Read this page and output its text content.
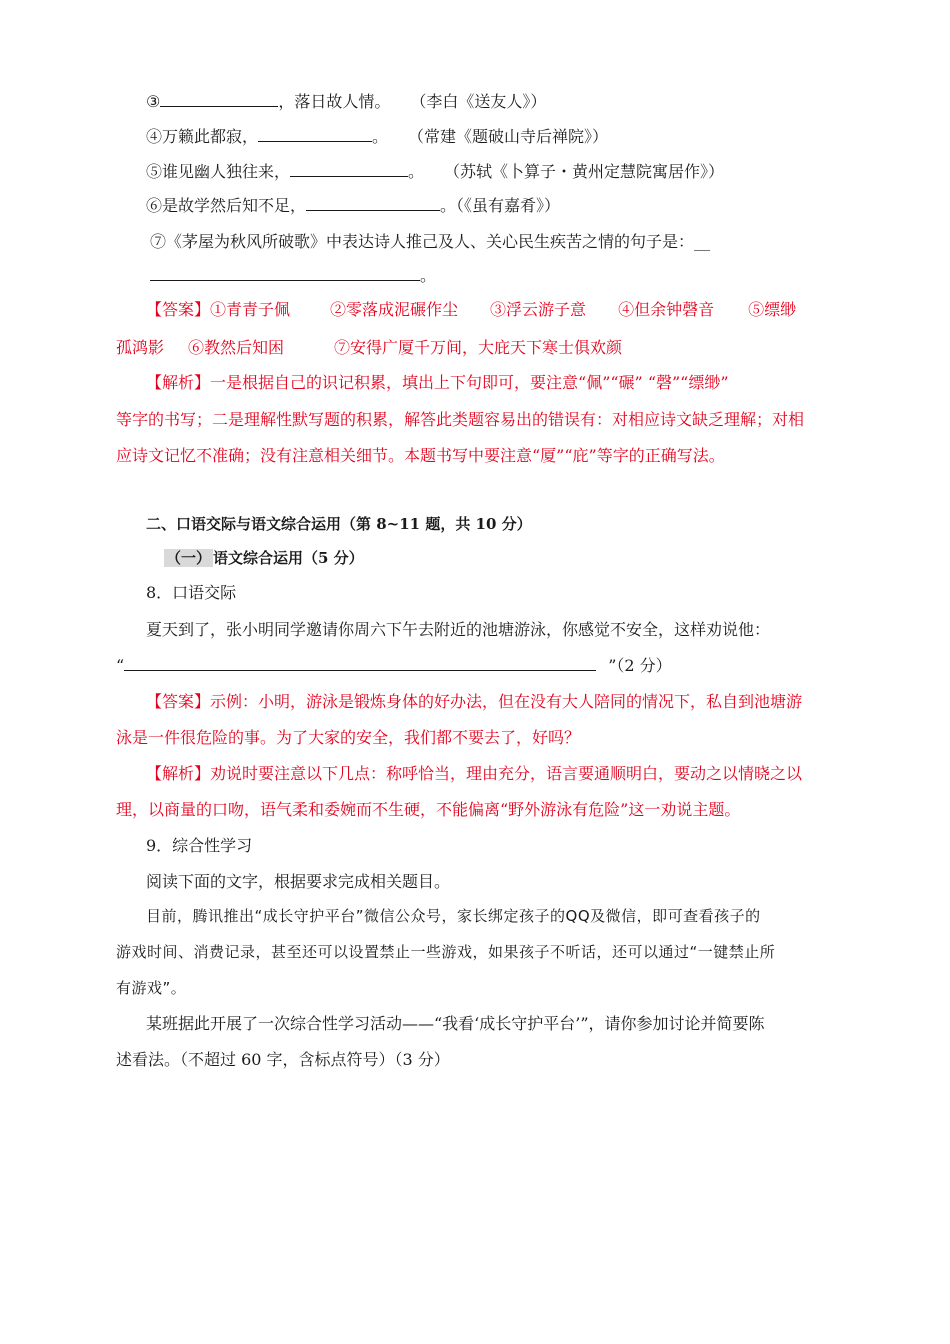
③	，落日故人情。 （李白《送友人》）
④万籁此都寂，	。 （常建《题破山寺后禅院》）
⑤谁见幽人独往来，	。 （苏轼《卜算子・黄州定慧院寓居作》）
⑥是故学然后知不足，	。（《虽有嘉肴》）
⑦《茅屋为秋风所破歌》中表达诗人推己及人、关心民生疾苦之情的句子是：__
。
【答案】①青青子佩	②零落成泥碾作尘 ③浮云游子意 ④但余钟磬音 ⑤缥缈
孤鸿影 ⑥教然后知困	⑦安得广厦千万间，大庇天下寒士俱欢颜
【解析】一是根据自己的识记积累，填出上下句即可，要注意“佩”“碾” “磬”“缥缈”
等字的书写；二是理解性默写题的积累，解答此类题容易出的错误有：对相应诗文缺乏理解；对相
应诗文记忆不准确；没有注意相关细节。本题书写中要注意“厦”“庇”等字的正确写法。
二、口语交际与语文综合运用（第 8~11 题，共 10 分）
（一） 语文综合运用（5 分）
8．口语交际
夏天到了，张小明同学邀请你周六下午去附近的池塘游泳，你感觉不安全，这样劝说他：
“	”（2 分）
【答案】示例：小明，游泳是锻炼身体的好办法，但在没有大人陪同的情况下，私自到池塘游
泳是一件很危险的事。为了大家的安全，我们都不要去了，好吗？
【解析】劝说时要注意以下几点：称呼恰当，理由充分，语言要通顺明白，要动之以情晓之以
理，以商量的口吻，语气柔和委婉而不生硬，不能偏离“野外游泳有危险”这一劝说主题。
9．综合性学习
阅读下面的文字，根据要求完成相关题目。
目前，腾讯推出“成长守护平台”微信公众号，家长绑定孩子的QQ及微信，即可查看孩子的
游戏时间、消费记录，甚至还可以设置禁止一些游戏，如果孩子不听话，还可以通过“一键禁止所
有游戏”。
某班据此开展了一次综合性学习活动——“我看‘成长守护平台’”，请你参加讨论并简要陈
述看法。（不超过 60 字，含标点符号）（3 分）
